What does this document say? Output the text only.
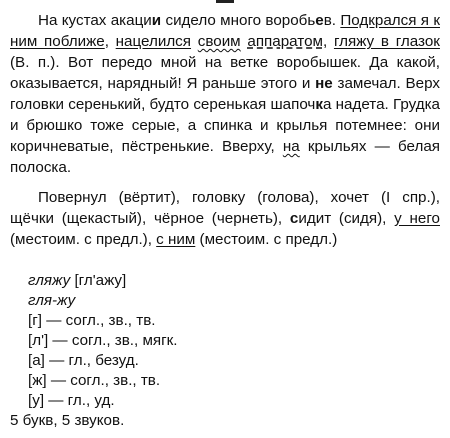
На кустах акации сидело много воробьев. Подкрался я к ним поближе, нацелился своим аппаратом, гляжу в глазок (В. п.). Вот передо мной на ветке воробышек. Да какой, оказывается, нарядный! Я раньше этого и не замечал. Верх головки серенький, будто серенькая шапочка надета. Грудка и брюшко тоже серые, а спинка и крылья потемнее: они коричневатые, пёстренькие. Вверху, на крыльях — белая полоска.

Повернул (вёртит), головку (голова), хочет (I спр.), щёчки (щекастый), чёрное (чернеть), сидит (сидя), у него (местоим. с предл.), с ним (местоим. с предл.)

гляжу [гл'ажу]
гля-жу
[г] — согл., зв., тв.
[л'] — согл., зв., мягк.
[а] — гл., безуд.
[ж] — согл., зв., тв.
[у] — гл., уд.
5 букв, 5 звуков.
